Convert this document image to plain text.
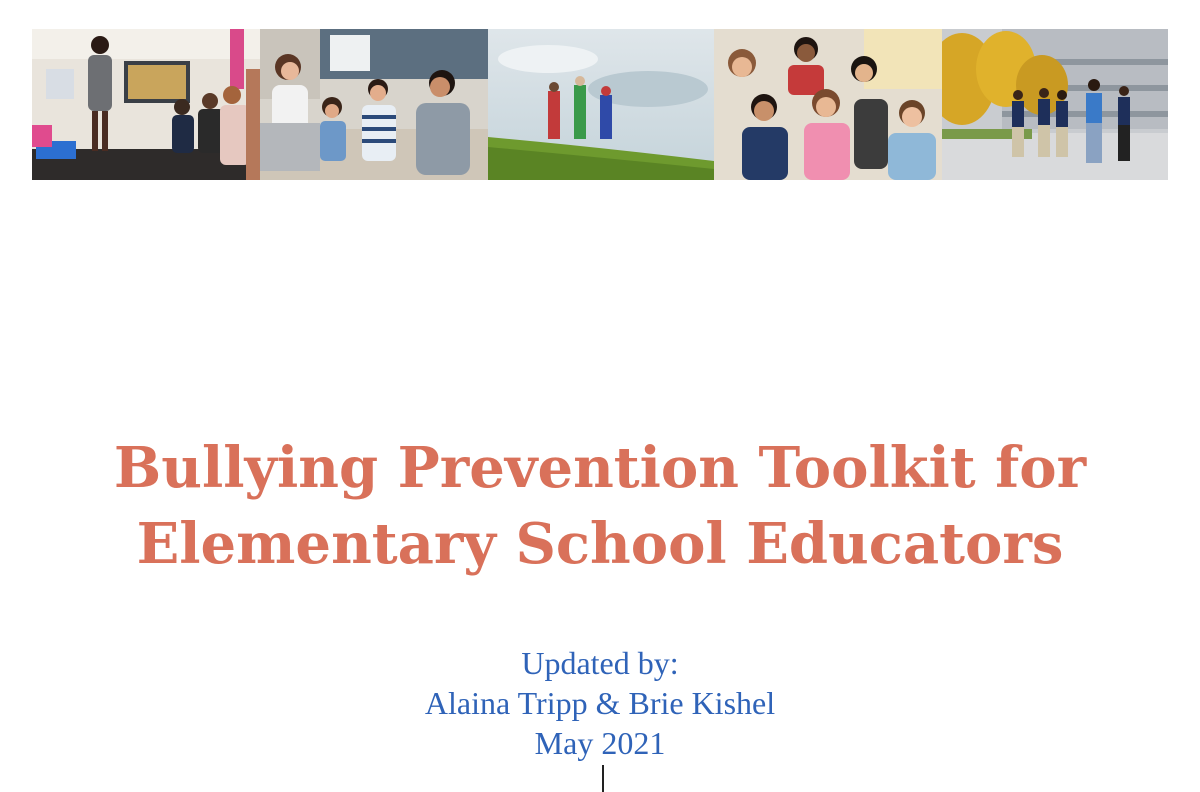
Bullying Prevention Toolkit for
Elementary School Educators
Updated by:
Alaina Tripp & Brie Kishel
May 2021
